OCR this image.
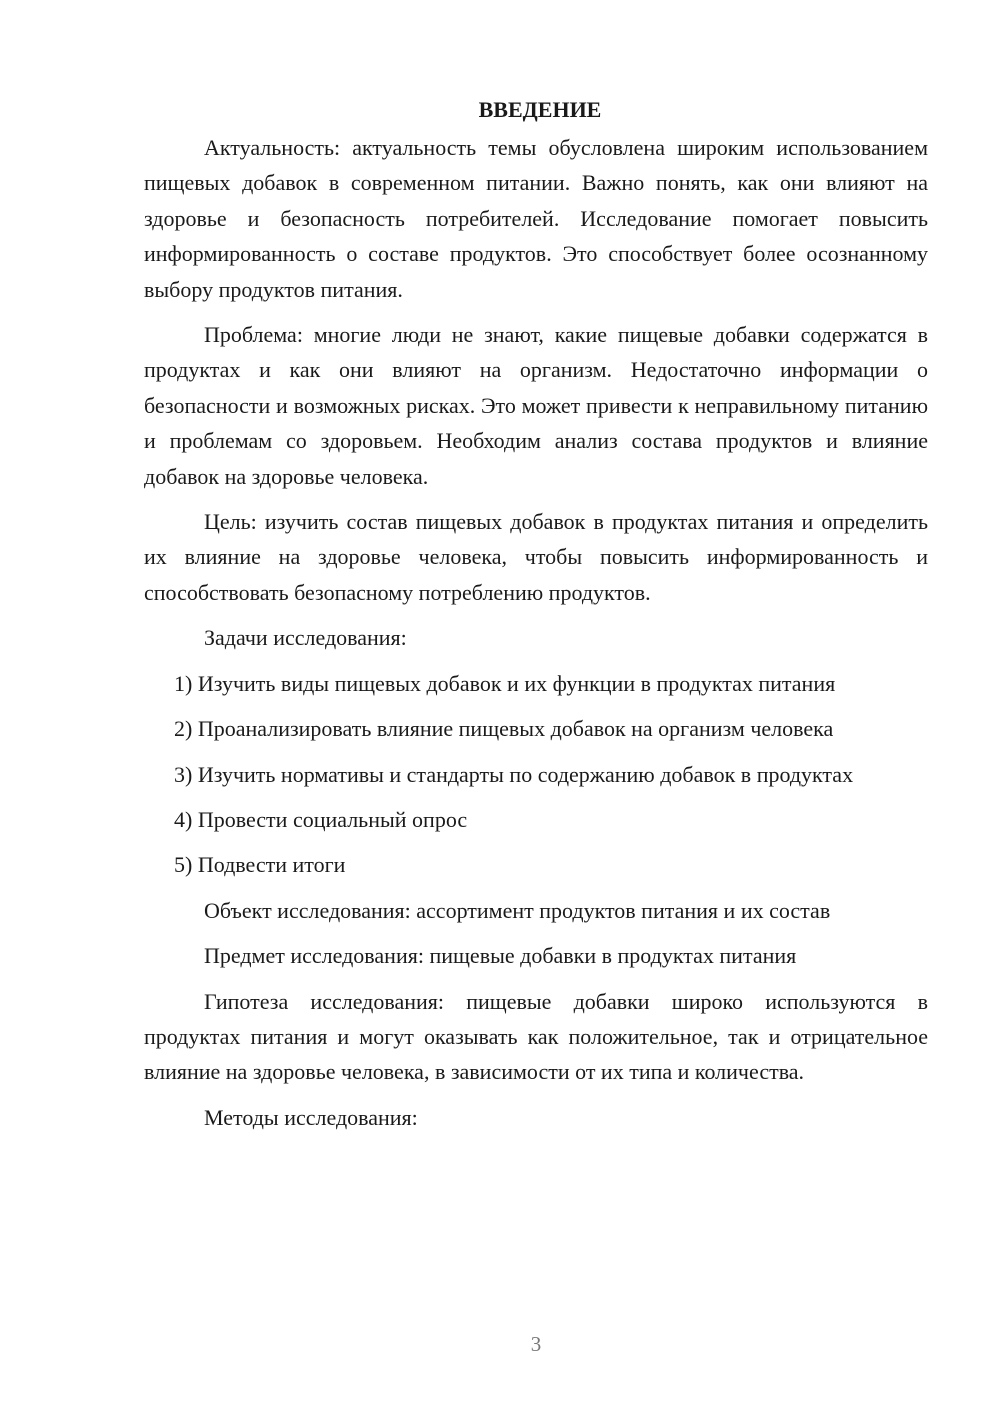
ВВЕДЕНИЕ

Актуальность: актуальность темы обусловлена широким использованием пищевых добавок в современном питании. Важно понять, как они влияют на здоровье и безопасность потребителей. Исследование помогает повысить информированность о составе продуктов. Это способствует более осознанному выбору продуктов питания.

Проблема: многие люди не знают, какие пищевые добавки содержатся в продуктах и как они влияют на организм. Недостаточно информации о безопасности и возможных рисках. Это может привести к неправильному питанию и проблемам со здоровьем. Необходим анализ состава продуктов и влияние добавок на здоровье человека.

Цель: изучить состав пищевых добавок в продуктах питания и определить их влияние на здоровье человека, чтобы повысить информированность и способствовать безопасному потреблению продуктов.

Задачи исследования:

1) Изучить виды пищевых добавок и их функции в продуктах питания

2) Проанализировать влияние пищевых добавок на организм человека

3) Изучить нормативы и стандарты по содержанию добавок в продуктах

4) Провести социальный опрос

5) Подвести итоги

Объект исследования: ассортимент продуктов питания и их состав

Предмет исследования: пищевые добавки в продуктах питания

Гипотеза исследования: пищевые добавки широко используются в продуктах питания и могут оказывать как положительное, так и отрицательное влияние на здоровье человека, в зависимости от их типа и количества.

Методы исследования:

3
